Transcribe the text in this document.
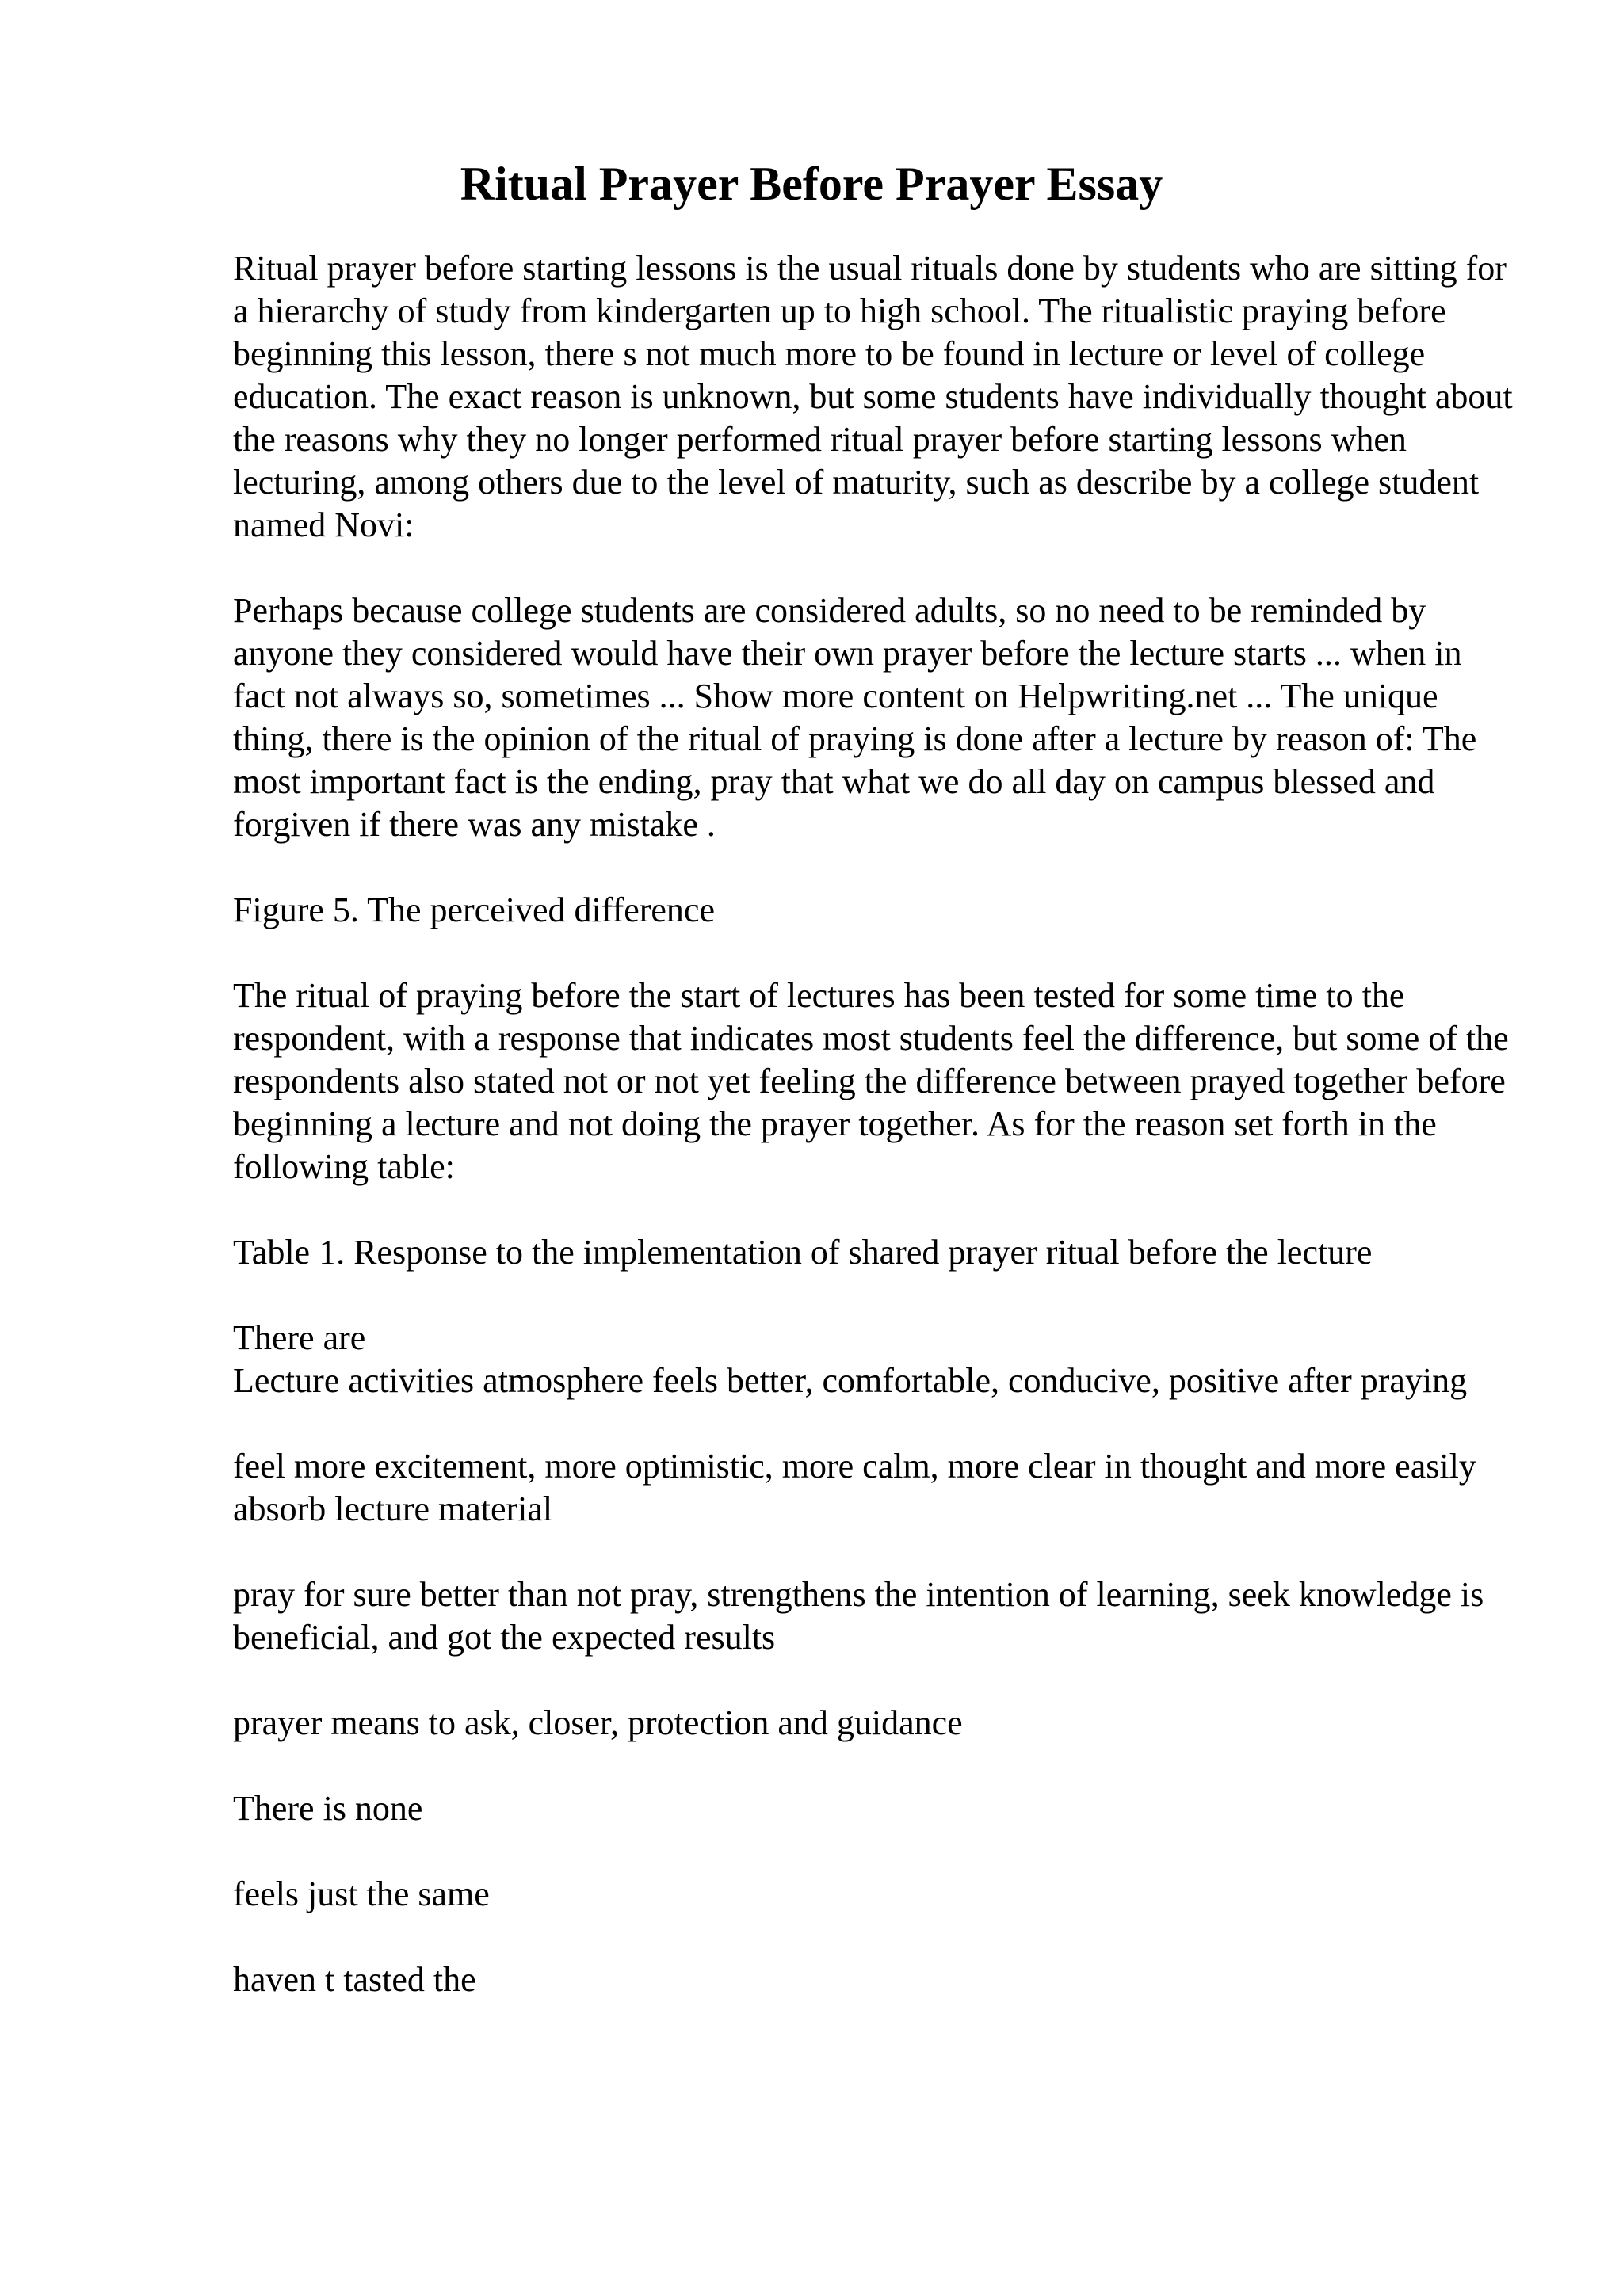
Ritual Prayer Before Prayer Essay

Ritual prayer before starting lessons is the usual rituals done by students who are sitting for a hierarchy of study from kindergarten up to high school. The ritualistic praying before beginning this lesson, there s not much more to be found in lecture or level of college education. The exact reason is unknown, but some students have individually thought about the reasons why they no longer performed ritual prayer before starting lessons when lecturing, among others due to the level of maturity, such as describe by a college student named Novi:

Perhaps because college students are considered adults, so no need to be reminded by anyone they considered would have their own prayer before the lecture starts ... when in fact not always so, sometimes ... Show more content on Helpwriting.net ... The unique thing, there is the opinion of the ritual of praying is done after a lecture by reason of: The most important fact is the ending, pray that what we do all day on campus blessed and forgiven if there was any mistake .

Figure 5. The perceived difference

The ritual of praying before the start of lectures has been tested for some time to the respondent, with a response that indicates most students feel the difference, but some of the respondents also stated not or not yet feeling the difference between prayed together before beginning a lecture and not doing the prayer together. As for the reason set forth in the following table:

Table 1. Response to the implementation of shared prayer ritual before the lecture

There are

Lecture activities atmosphere feels better, comfortable, conducive, positive after praying

feel more excitement, more optimistic, more calm, more clear in thought and more easily absorb lecture material

pray for sure better than not pray, strengthens the intention of learning, seek knowledge is beneficial, and got the expected results

prayer means to ask, closer, protection and guidance

There is none

feels just the same

haven t tasted the
